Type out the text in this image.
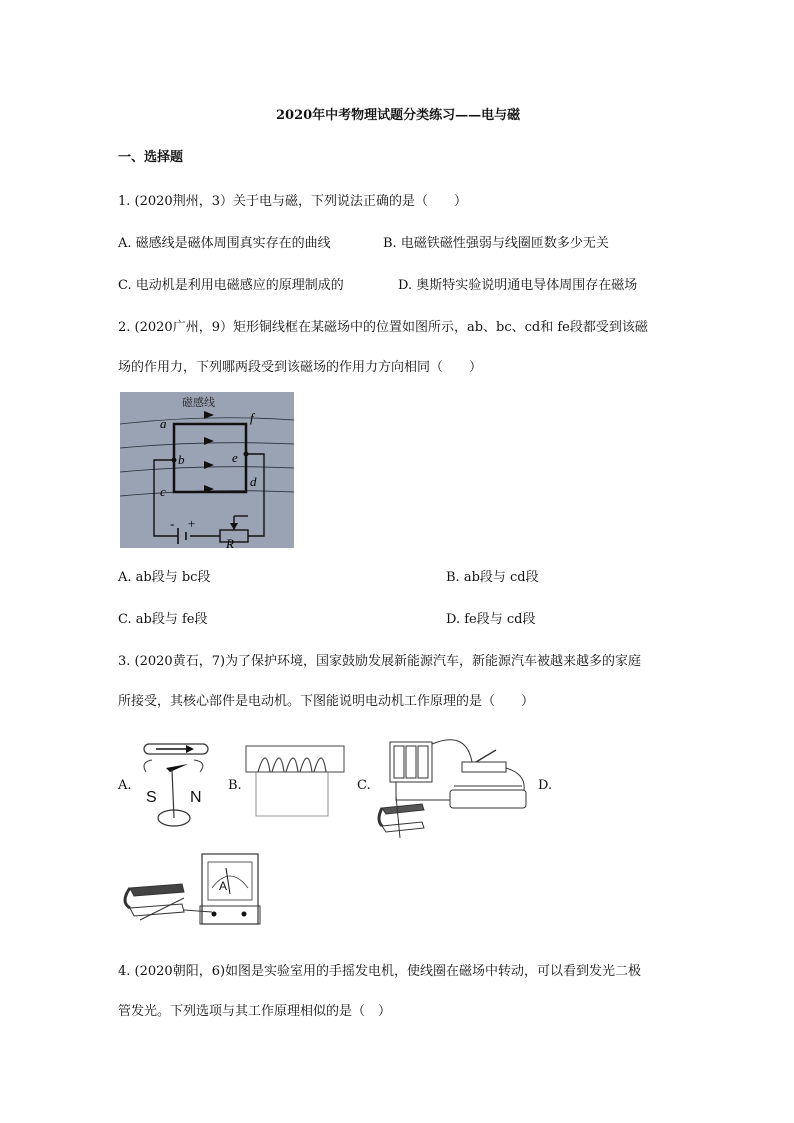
2020年中考物理试题分类练习——电与磁
一、选择题
1. (2020荆州，3）关于电与磁，下列说法正确的是（　　）
A. 磁感线是磁体周围真实存在的曲线	B. 电磁铁磁性强弱与线圈匝数多少无关
C. 电动机是利用电磁感应的原理制成的	D. 奥斯特实验说明通电导体周围存在磁场
2. (2020广州，9）矩形铜线框在某磁场中的位置如图所示，ab、bc、cd和 fe段都受到该磁
场的作用力，下列哪两段受到该磁场的作用力方向相同（　　）
磁感线
a
b
c
d
e
f
- +
R
A. ab段与 bc段	B. ab段与 cd段
C. ab段与 fe段	D. fe段与 cd段
3. (2020黄石，7)为了保护环境，国家鼓励发展新能源汽车，新能源汽车被越来越多的家庭
所接受，其核心部件是电动机。下图能说明电动机工作原理的是（　　）
A.
S N
B.	C.	D.
A
4. (2020朝阳，6)如图是实验室用的手摇发电机，使线圈在磁场中转动，可以看到发光二极
管发光。下列选项与其工作原理相似的是（　）
